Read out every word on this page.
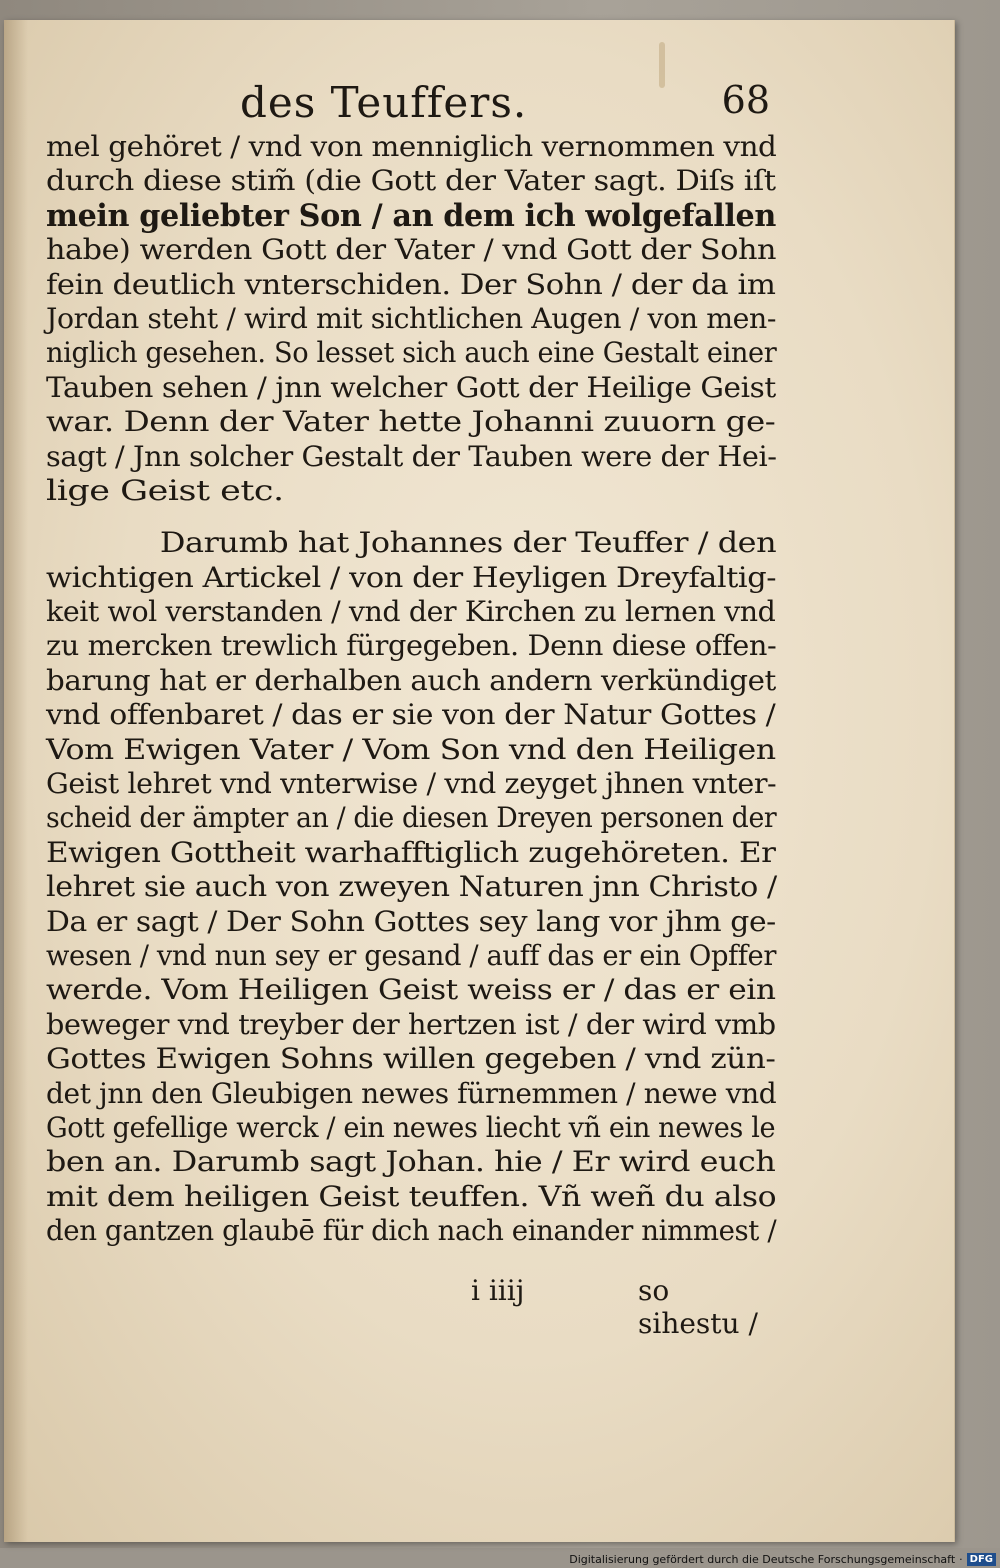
des Teuffers.	68
mel gehöret / vnd von menniglich vernommen vnd
durch diese stim̃ (die Gott der Vater sagt. Diſs iſt
mein geliebter Son / an dem ich wolgefallen
habe) werden Gott der Vater / vnd Gott der Sohn
fein deutlich vnterschiden. Der Sohn / der da im
Jordan steht / wird mit sichtlichen Augen / von men-
niglich gesehen. So lesset sich auch eine Gestalt einer
Tauben sehen / jnn welcher Gott der Heilige Geist
war. Denn der Vater hette Johanni zuuorn ge-
sagt / Jnn solcher Gestalt der Tauben were der Hei-
lige Geist etc.
Darumb hat Johannes der Teuffer / den
wichtigen Artickel / von der Heyligen Dreyfaltig-
keit wol verstanden / vnd der Kirchen zu lernen vnd
zu mercken trewlich fürgegeben. Denn diese offen-
barung hat er derhalben auch andern verkündiget
vnd offenbaret / das er sie von der Natur Gottes /
Vom Ewigen Vater / Vom Son vnd den Heiligen
Geist lehret vnd vnterwise / vnd zeyget jhnen vnter-
scheid der ämpter an / die diesen Dreyen personen der
Ewigen Gottheit warhafftiglich zugehöreten. Er
lehret sie auch von zweyen Naturen jnn Christo /
Da er sagt / Der Sohn Gottes sey lang vor jhm ge-
wesen / vnd nun sey er gesand / auff das er ein Opffer
werde. Vom Heiligen Geist weiss er / das er ein
beweger vnd treyber der hertzen ist / der wird vmb
Gottes Ewigen Sohns willen gegeben / vnd zün-
det jnn den Gleubigen newes fürnemmen / newe vnd
Gott gefellige werck / ein newes liecht vñ ein newes le
ben an. Darumb sagt Johan. hie / Er wird euch
mit dem heiligen Geist teuffen. Vñ weñ du also
den gantzen glaubē für dich nach einander nimmest /
i iiij	so sihestu /
Digitalisierung gefördert durch die Deutsche Forschungsgemeinschaft · DFG
